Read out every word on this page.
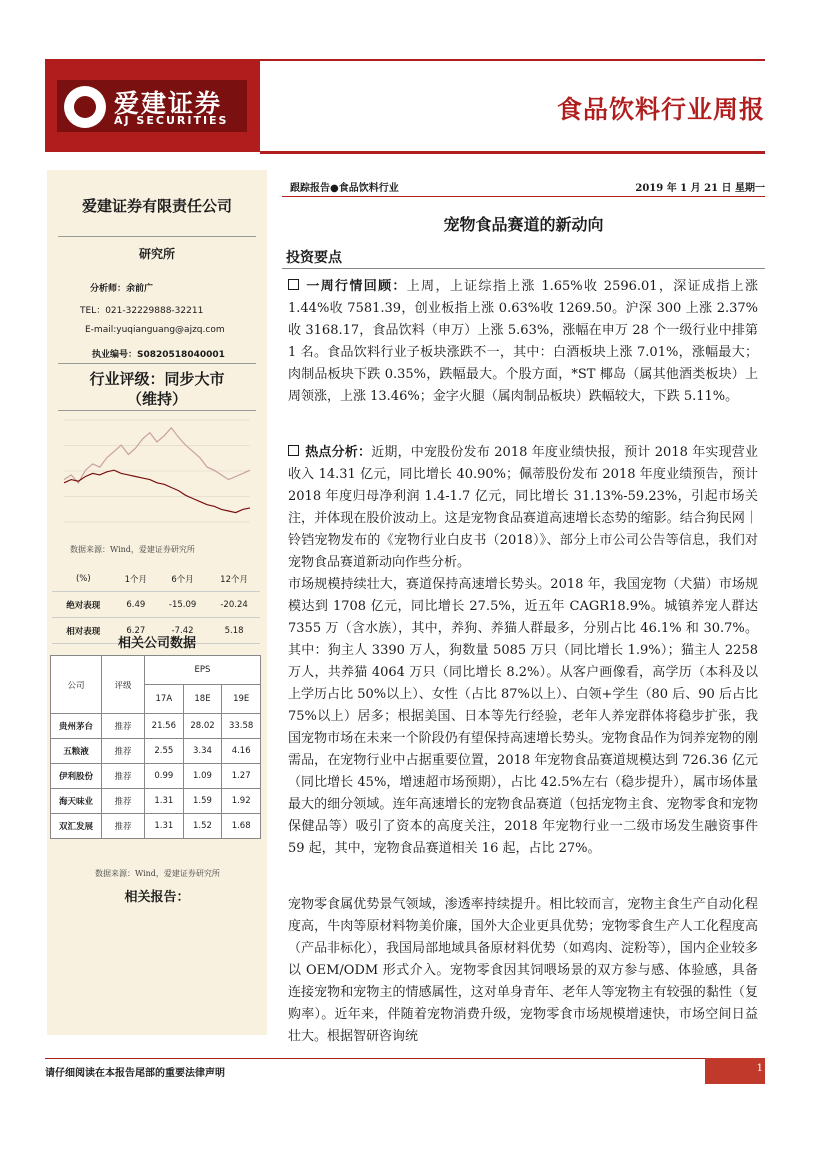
爱建证券
AJ SECURITIES	食品饮料行业周报
爱建证券有限责任公司
研究所
分析师：余前广
TEL：021-32229888-32211
E-mail:yuqianguang@ajzq.com
执业编号：S0820518040001
行业评级：同步大市
（维持）
数据来源：Wind，爱建证券研究所
(%)	1个月	6个月	12个月
绝对表现	6.49	-15.09	-20.24
相对表现	6.27	-7.42	5.18
相关公司数据
公司	评级	EPS		
		17A	18E	19E
贵州茅台	推荐	21.56	28.02	33.58
五粮液	推荐	2.55	3.34	4.16
伊利股份	推荐	0.99	1.09	1.27
海天味业	推荐	1.31	1.59	1.92
双汇发展	推荐	1.31	1.52	1.68
数据来源：Wind，爱建证券研究所
相关报告：
跟踪报告●食品饮料行业	2019 年 1 月 21 日 星期一
宠物食品赛道的新动向
投资要点

一周行情回顾：上周，上证综指上涨 1.65%收 2596.01，深证成指上涨 1.44%收 7581.39，创业板指上涨 0.63%收 1269.50。沪深 300 上涨 2.37%收 3168.17，食品饮料（申万）上涨 5.63%，涨幅在申万 28 个一级行业中排第 1 名。食品饮料行业子板块涨跌不一，其中：白酒板块上涨 7.01%，涨幅最大；肉制品板块下跌 0.35%，跌幅最大。个股方面，*ST 椰岛（属其他酒类板块）上周领涨，上涨 13.46%；金字火腿（属肉制品板块）跌幅较大，下跌 5.11%。

热点分析：近期，中宠股份发布 2018 年度业绩快报，预计 2018 年实现营业收入 14.31 亿元，同比增长 40.90%；佩蒂股份发布 2018 年度业绩预告，预计 2018 年度归母净利润 1.4-1.7 亿元，同比增长 31.13%-59.23%，引起市场关注，并体现在股价波动上。这是宠物食品赛道高速增长态势的缩影。结合狗民网｜铃铛宠物发布的《宠物行业白皮书（2018）》、部分上市公司公告等信息，我们对宠物食品赛道新动向作些分析。

市场规模持续壮大，赛道保持高速增长势头。2018 年，我国宠物（犬猫）市场规模达到 1708 亿元，同比增长 27.5%，近五年 CAGR18.9%。城镇养宠人群达 7355 万（含水族），其中，养狗、养猫人群最多，分别占比 46.1% 和 30.7%。其中：狗主人 3390 万人，狗数量 5085 万只（同比增长 1.9%）；猫主人 2258 万人，共养猫 4064 万只（同比增长 8.2%）。从客户画像看，高学历（本科及以上学历占比 50%以上）、女性（占比 87%以上）、白领+学生（80 后、90 后占比 75%以上）居多；根据美国、日本等先行经验，老年人养宠群体将稳步扩张，我国宠物市场在未来一个阶段仍有望保持高速增长势头。宠物食品作为饲养宠物的刚需品，在宠物行业中占据重要位置，2018 年宠物食品赛道规模达到 726.36 亿元（同比增长 45%，增速超市场预期），占比 42.5%左右（稳步提升），属市场体量最大的细分领域。连年高速增长的宠物食品赛道（包括宠物主食、宠物零食和宠物保健品等）吸引了资本的高度关注，2018 年宠物行业一二级市场发生融资事件 59 起，其中，宠物食品赛道相关 16 起，占比 27%。

宠物零食属优势景气领域，渗透率持续提升。相比较而言，宠物主食生产自动化程度高，牛肉等原材料物美价廉，国外大企业更具优势；宠物零食生产人工化程度高（产品非标化），我国局部地域具备原材料优势（如鸡肉、淀粉等），国内企业较多以 OEM/ODM 形式介入。宠物零食因其饲喂场景的双方参与感、体验感，具备连接宠物和宠物主的情感属性，这对单身青年、老年人等宠物主有较强的黏性（复购率）。近年来，伴随着宠物消费升级，宠物零食市场规模增速快，市场空间日益壮大。根据智研咨询统

请仔细阅读在本报告尾部的重要法律声明	1
